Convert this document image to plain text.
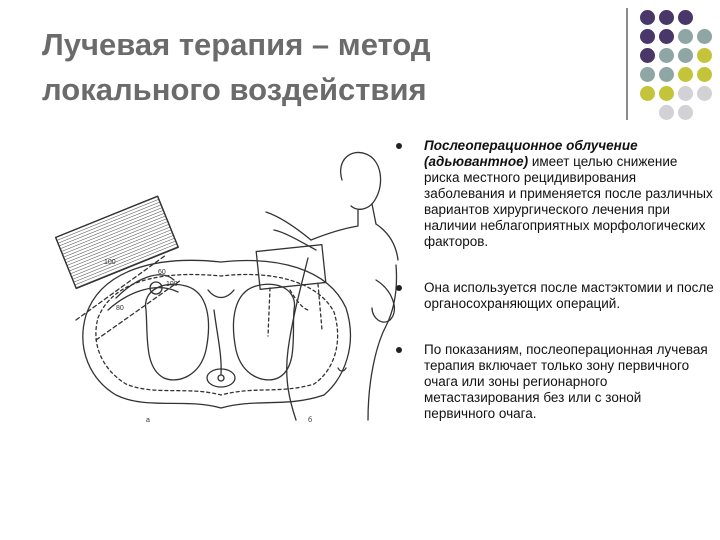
Лучевая терапия – метод
локального воздействия
100
60
100
80
а	б
Послеоперационное облучение (адьювантное) имеет целью снижение риска местного рецидивирования заболевания и применяется после различных вариантов хирургического лечения при наличии неблагоприятных морфологических факторов.
Она используется после мастэктомии и после органосохраняющих операций.
По показаниям, послеоперационная лучевая терапия включает только зону первичного очага или зоны регионарного метастазирования без или с зоной первичного очага.
